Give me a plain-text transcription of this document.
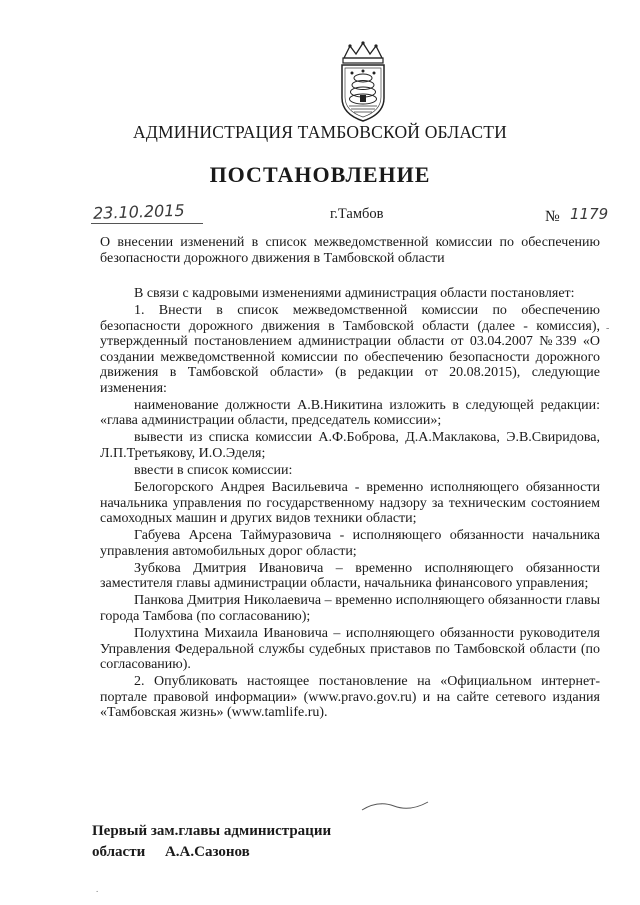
АДМИНИСТРАЦИЯ ТАМБОВСКОЙ ОБЛАСТИ
ПОСТАНОВЛЕНИЕ
23.10.2015	г.Тамбов	№ 1179
О внесении изменений в список межведомственной комиссии по обеспечению безопасности дорожного движения в Тамбовской области

В связи с кадровыми изменениями администрация области постановляет:

1. Внести в список межведомственной комиссии по обеспечению безопасности дорожного движения в Тамбовской области (далее - комиссия), утвержденный постановлением администрации области от 03.04.2007 №339 «О создании межведомственной комиссии по обеспечению безопасности дорожного движения в Тамбовской области» (в редакции от 20.08.2015), следующие изменения:

наименование должности А.В.Никитина изложить в следующей редакции: «глава администрации области, председатель комиссии»;

вывести из списка комиссии А.Ф.Боброва, Д.А.Маклакова, Э.В.Свиридова, Л.П.Третьякову, И.О.Эделя;

ввести в список комиссии:

Белогорского Андрея Васильевича - временно исполняющего обязанности начальника управления по государственному надзору за техническим состоянием самоходных машин и других видов техники области;

Габуева Арсена Таймуразовича - исполняющего обязанности начальника управления автомобильных дорог области;

Зубкова Дмитрия Ивановича – временно исполняющего обязанности заместителя главы администрации области, начальника финансового управления;

Панкова Дмитрия Николаевича – временно исполняющего обязанности главы города Тамбова (по согласованию);

Полухтина Михаила Ивановича – исполняющего обязанности руководителя Управления Федеральной службы судебных приставов по Тамбовской области (по согласованию).

2. Опубликовать настоящее постановление на «Официальном интернет-портале правовой информации» (www.pravo.gov.ru) и на сайте сетевого издания «Тамбовская жизнь» (www.tamlife.ru).

Первый зам.главы администрации
области А.А.Сазонов
-
.
